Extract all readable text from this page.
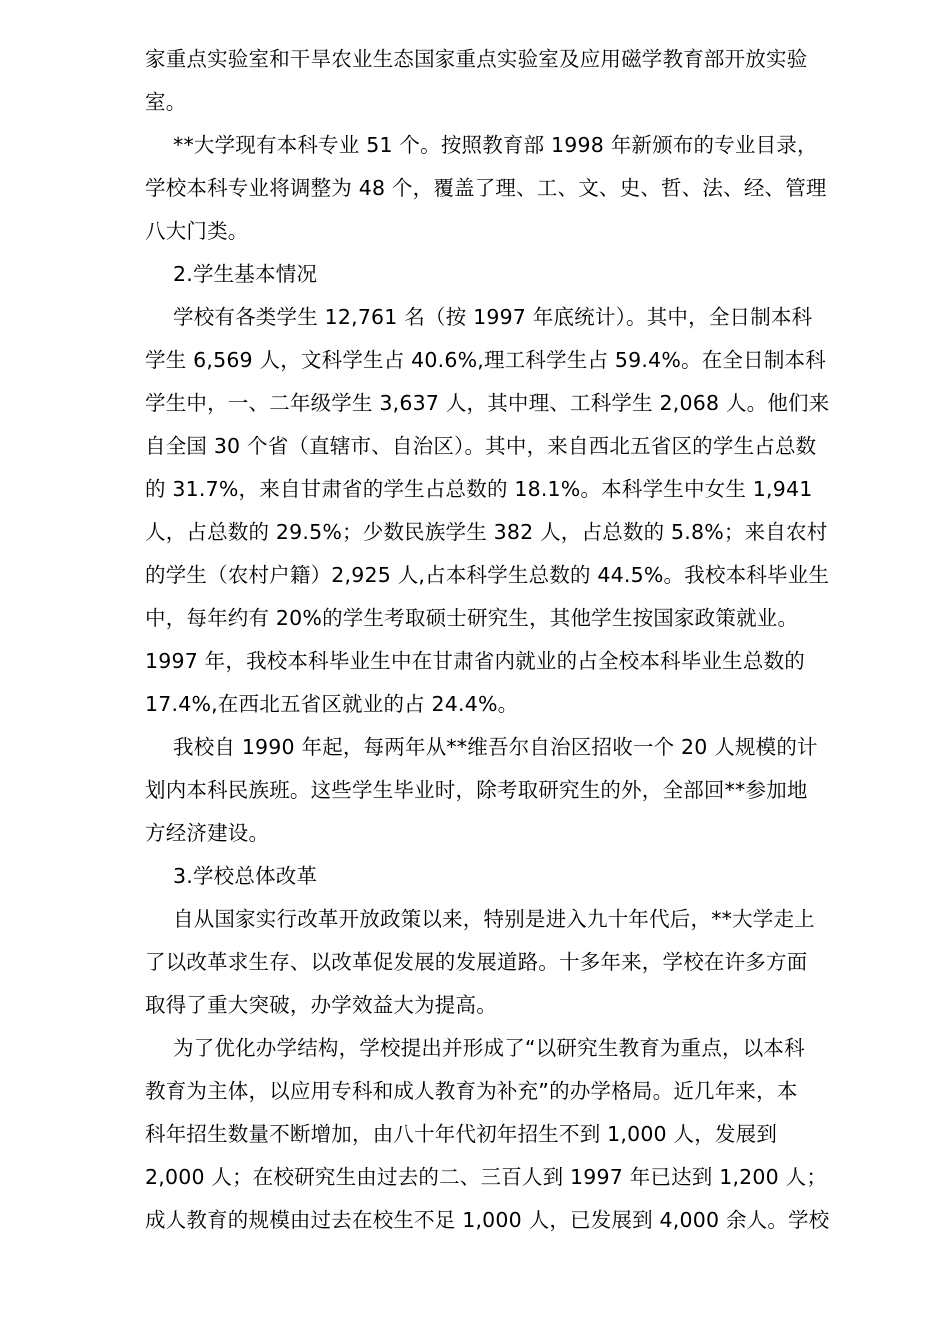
家重点实验室和干旱农业生态国家重点实验室及应用磁学教育部开放实验
室。
**大学现有本科专业 51 个。按照教育部 1998 年新颁布的专业目录，
学校本科专业将调整为 48 个，覆盖了理、工、文、史、哲、法、经、管理
八大门类。
2.学生基本情况
学校有各类学生 12,761 名（按 1997 年底统计）。其中，全日制本科
学生 6,569 人，文科学生占 40.6%,理工科学生占 59.4%。在全日制本科
学生中，一、二年级学生 3,637 人，其中理、工科学生 2,068 人。他们来
自全国 30 个省（直辖市、自治区）。其中，来自西北五省区的学生占总数
的 31.7%，来自甘肃省的学生占总数的 18.1%。本科学生中女生 1,941
人，占总数的 29.5%；少数民族学生 382 人，占总数的 5.8%；来自农村
的学生（农村户籍）2,925 人,占本科学生总数的 44.5%。我校本科毕业生
中，每年约有 20%的学生考取硕士研究生，其他学生按国家政策就业。
1997 年，我校本科毕业生中在甘肃省内就业的占全校本科毕业生总数的
17.4%,在西北五省区就业的占 24.4%。
我校自 1990 年起，每两年从**维吾尔自治区招收一个 20 人规模的计
划内本科民族班。这些学生毕业时，除考取研究生的外，全部回**参加地
方经济建设。
3.学校总体改革
自从国家实行改革开放政策以来，特别是进入九十年代后，**大学走上
了以改革求生存、以改革促发展的发展道路。十多年来，学校在许多方面
取得了重大突破，办学效益大为提高。
为了优化办学结构，学校提出并形成了“以研究生教育为重点，以本科
教育为主体，以应用专科和成人教育为补充”的办学格局。近几年来，本
科年招生数量不断增加，由八十年代初年招生不到 1,000 人，发展到
2,000 人；在校研究生由过去的二、三百人到 1997 年已达到 1,200 人；
成人教育的规模由过去在校生不足 1,000 人，已发展到 4,000 余人。学校
